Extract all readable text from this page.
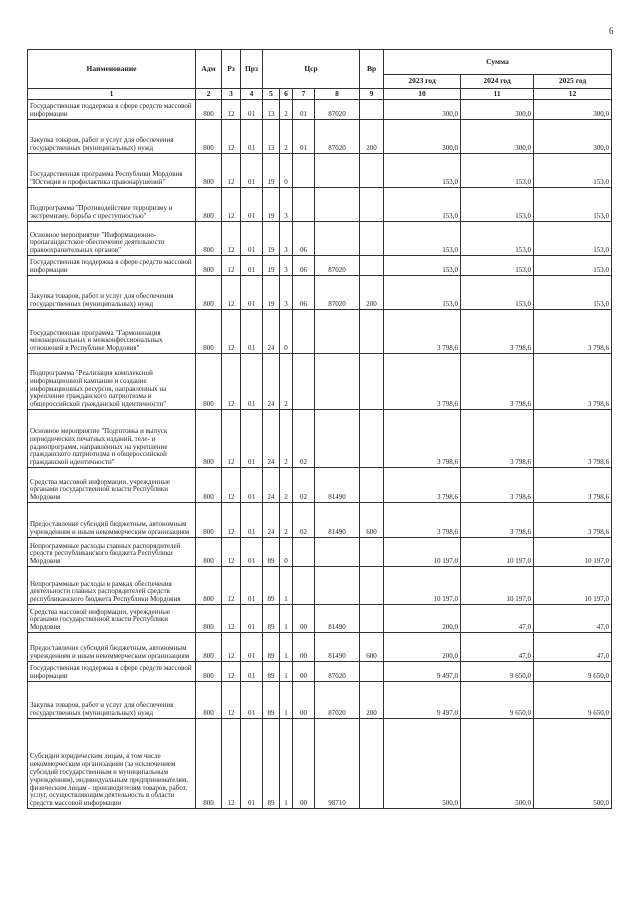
6
Наименование	Адм	Рз	Прз	Цср				Вр	Сумма		
									2023 год	2024 год	2025 год
1	2	3	4	5	6	7	8	9	10	11	12
Государственная поддержка в сфере средств массовой информации	800	12	01	13	2	01	87020		300,0	300,0	300,0
Закупка товаров, работ и услуг для обеспечения государственных (муниципальных) нужд	800	12	01	13	2	01	87020	200	300,0	300,0	300,0
Государственная программа Республики Мордовия "Юстиция и профилактика правонарушений"	800	12	01	19	0				153,0	153,0	153,0
Подпрограмма "Противодействие терроризму и экстремизму, борьба с преступностью"	800	12	01	19	3				153,0	153,0	153,0
Основное мероприятие "Информационно-пропагандистское обеспечение деятельности правоохранительных органов"	800	12	01	19	3	06			153,0	153,0	153,0
Государственная поддержка в сфере средств массовой информации	800	12	01	19	3	06	87020		153,0	153,0	153,0
Закупка товаров, работ и услуг для обеспечения государственных (муниципальных) нужд	800	12	01	19	3	06	87020	200	153,0	153,0	153,0
Государственная программа "Гармонизация межнациональных и межконфессиональных отношений в Республике Мордовия"	800	12	01	24	0				3 798,6	3 798,6	3 798,6
Подпрограмма "Реализация комплексной информационной кампании и создание информационных ресурсов, направленных на укрепление гражданского патриотизма и общероссийской гражданской идентичности"	800	12	01	24	2				3 798,6	3 798,6	3 798,6
Основное мероприятие "Подготовка и выпуск периодических печатных изданий, теле- и радиопрограмм, направленных на укрепление гражданского патриотизма и общероссийской гражданской идентичности"	800	12	01	24	2	02			3 798,6	3 798,6	3 798,6
Средства массовой информации, учрежденные органами государственной власти Республики Мордовия	800	12	01	24	2	02	81490		3 798,6	3 798,6	3 798,6
Предоставление субсидий бюджетным, автономным учреждениям и иным некоммерческим организациям	800	12	01	24	2	02	81490	600	3 798,6	3 798,6	3 798,6
Непрограммные расходы главных распорядителей средств республиканского бюджета Республики Мордовия	800	12	01	89	0				10 197,0	10 197,0	10 197,0
Непрограммные расходы в рамках обеспечения деятельности главных распорядителей средств республиканского бюджета Республики Мордовия	800	12	01	89	1				10 197,0	10 197,0	10 197,0
Средства массовой информации, учрежденные органами государственной власти Республики Мордовия	800	12	01	89	1	00	81490		200,0	47,0	47,0
Предоставление субсидий бюджетным, автономным учреждениям и иным некоммерческим организациям	800	12	01	89	1	00	81490	600	200,0	47,0	47,0
Государственная поддержка в сфере средств массовой информации	800	12	01	89	1	00	87020		9 497,0	9 650,0	9 650,0
Закупка товаров, работ и услуг для обеспечения государственных (муниципальных) нужд	800	12	01	89	1	00	87020	200	9 497,0	9 650,0	9 650,0
Субсидии юридическим лицам, в том числе некоммерческим организациям (за исключением субсидий государственным и муниципальным учреждениям), индивидуальным предпринимателям, физическим лицам - производителям товаров, работ, услуг, осуществляющим деятельность в области средств массовой информации	800	12	01	89	1	00	98710		500,0	500,0	500,0
